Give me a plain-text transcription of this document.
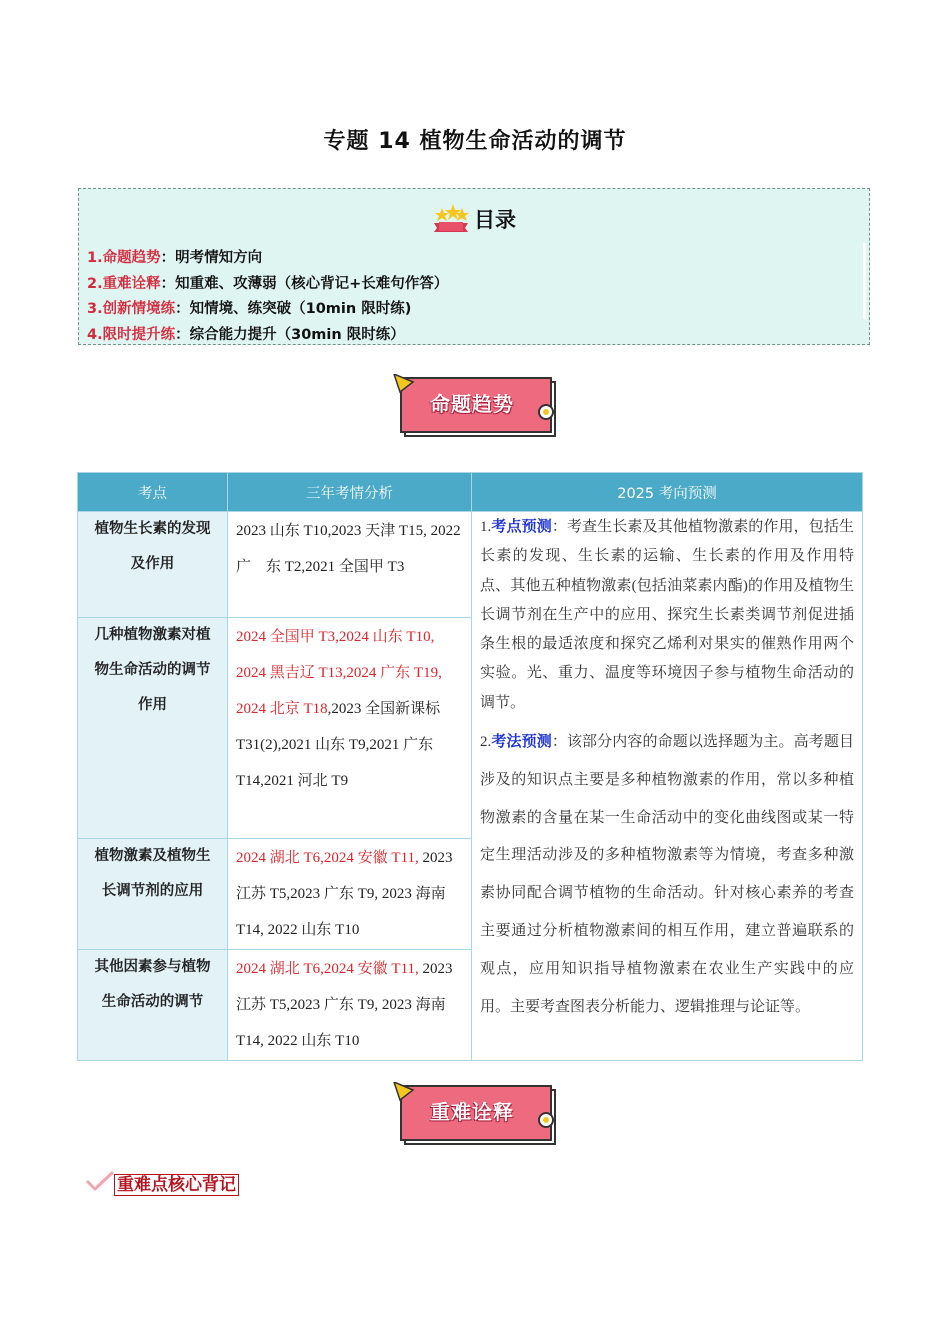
专题 14 植物生命活动的调节
目录
1.命题趋势：明考情知方向
2.重难诠释：知重难、攻薄弱（核心背记+长难句作答）
3.创新情境练：知情境、练突破（10min 限时练)
4.限时提升练：综合能力提升（30min 限时练）
命题趋势
考点	三年考情分析	2025 考向预测
植物生长素的发现及作用	2023 山东 T10,2023 天津 T15, 2022 广　东 T2,2021 全国甲 T3	1.考点预测：考查生长素及其他植物激素的作用，包括生长素的发现、生长素的运输、生长素的作用及作用特点、其他五种植物激素(包括油菜素内酯)的作用及植物生长调节剂在生产中的应用、探究生长素类调节剂促进插条生根的最适浓度和探究乙烯利对果实的催熟作用两个实验。光、重力、温度等环境因子参与植物生命活动的调节。
2.考法预测：该部分内容的命题以选择题为主。高考题目涉及的知识点主要是多种植物激素的作用，常以多种植物激素的含量在某一生命活动中的变化曲线图或某一特定生理活动涉及的多种植物激素等为情境，考查多种激素协同配合调节植物的生命活动。针对核心素养的考查主要通过分析植物激素间的相互作用，建立普遍联系的观点，应用知识指导植物激素在农业生产实践中的应用。主要考查图表分析能力、逻辑推理与论证等。

几种植物激素对植物生命活动的调节作用	2024 全国甲 T3,2024 山东 T10, 2024 黑吉辽 T13,2024 广东 T19, 2024 北京 T18,2023 全国新课标 T31(2),2021 山东 T9,2021 广东 T14,2021 河北 T9	
植物激素及植物生长调节剂的应用	2024 湖北 T6,2024 安徽 T11, 2023 江苏 T5,2023 广东 T9, 2023 海南 T14, 2022 山东 T10	
其他因素参与植物生命活动的调节	2024 湖北 T6,2024 安徽 T11, 2023 江苏 T5,2023 广东 T9, 2023 海南 T14, 2022 山东 T10	
重难诠释
重难点核心背记
